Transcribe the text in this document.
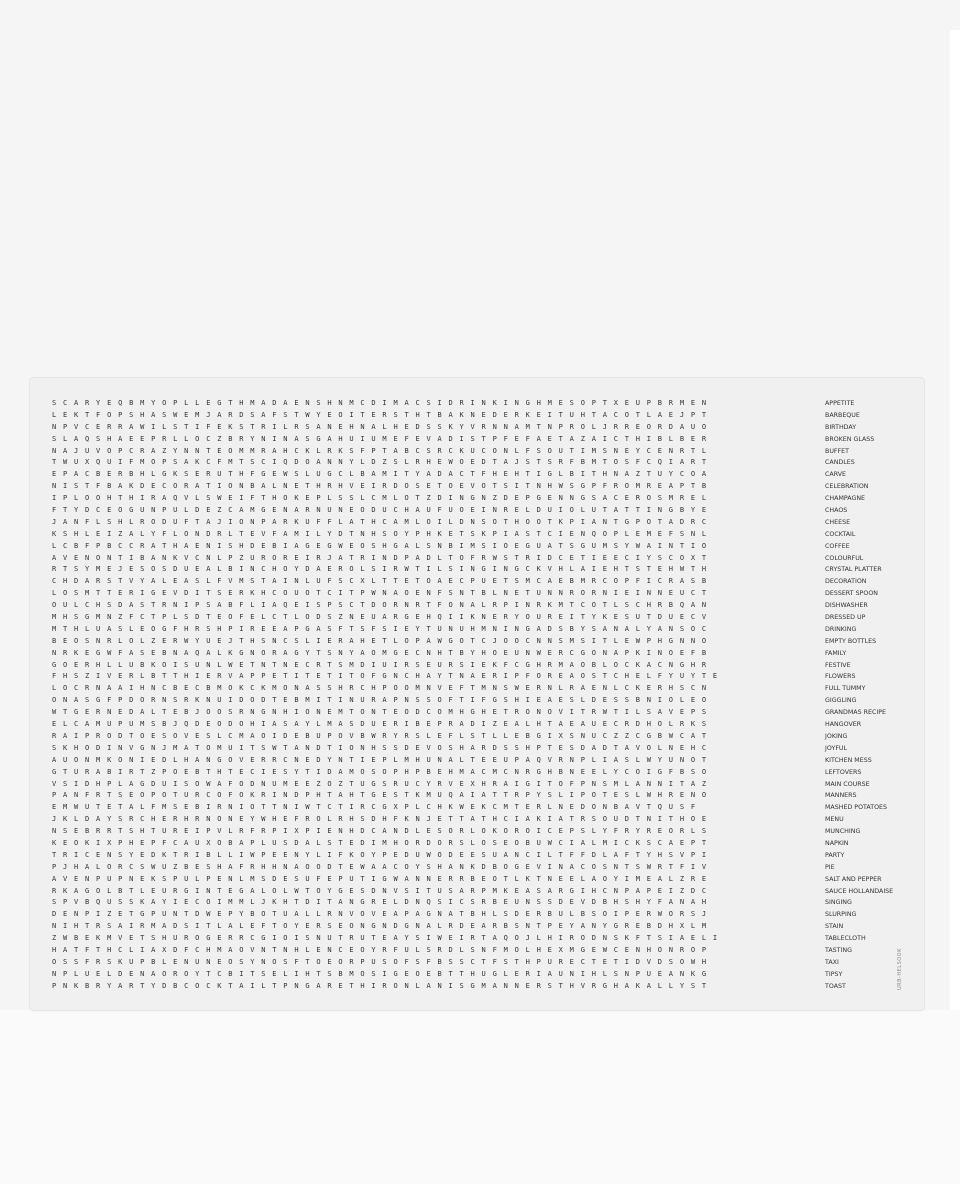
SCARYEQBMYOPLLEGTHMADAENSHNMCDIMACSIDRINKINGHMESOPTXEUPBRMEN
LEKTFOPSHASWEMJARDSAFSTWYEOITERSTHTBAKNEDERKEITUHTACOTLAEJPT
NPVCERRAWILSTIFEKSTRILRSANEHNALHEDSSKYVRNNAMTNPROLJRREORDAUO
SLAQSHAEEPRLLOCZBRYNINASGAHUIUMEFEVADISTPFEFAETAZAICTHIBLBER
NAJUVOPCRAZYNNTEOMMRAHCKLRKSFPTABCSRCKUCONLFSOUTIMSNEYCENRTL
TWUXQUIFMOPSAKCFMTSCIQDOANNYLDZSLRHEWOEDTAJSTSRFBMTOSFCQIART
EPACBERBHLGKSERUTHFGEWSLUGCLBAMITYADACTFHEHTIGLBITHNAZTUYCOA
NISTFBAKDECORATIONBALNETHRHVEIRDOSETOEVOTSITNHWSGPFROMREAPTB
IPLOOHTHIRAQVLSWEIFTHOKEPLSSLCMLOTZDINGNZDEPGENNGSACEROSMREL
FTYDCEOGUNPULDEZCAMGENARNUNEODUCHAUFUOEINRELDUIOLUTATTINGBYE
JANFLSHLRODUFTAJIONPARKUFFLATHCAMLOILDNSOTHOOTKPIANTGPOTADRC
KSHLEIZALYFLONDRLTEVFAMILYDTNHSOYPHKETSKPIASTCIENQOPLEMEFSNL
LCBFPBCCRATHAENISHDEBIAGEGWEOSHGALSNBIMSIOEGUATSGUMSYWAINTIO
AVENONTIBANKVCNLPZUROREIRJATRINDPADLTOFRWSTRIDCETIEECIYSCOXT
RTSYMEJESOSDUEALBINCHOYDAEROLSIRWTILSINGINGCKVHLAIEHTSTEHWTH
CHDARSTVYALEASLFVMSTAINLUFSCXLTTETOAECPUETSMCAEBMRCOPFICRASB
LOSMTTERIGEVDITSERKHCOUOTCITPWNAOENFSNTBLNETUNNRORNIEINNEUCT
OULCHSDASTRNIPSABFLIAQEISPSCTDORNRTFONALRPINRKMTCOTLSCHRBQAN
MHSGMNZFCTPLSDTEOFELCTLODSZNEUARGEHQIIKNERYOUREITYKESUTDUECV
MTHLUASLEOGFHRSHPIREEAPGASFTSFSIEYTUNUHMNINGADSBYSANALYANSOC
BEOSNRLOLZERWYUEJTHSNCSLIERAHETLOPAWGOTCJOOCNNSMSITLEWPHGNNO
NRKEGWFASEBNAQALKGNORAGYTSNYAOMGECNHTBYHOEUNWERCGONAPKINOEFB
GOERHLLUBKOISUNLWETNTNECRTSMDIUIRSEURSIEKFCGHRMAOBLOCKACNGHR
FHSZIVERLBTTHIERVAPPETITETITOFGNCHAYTNAERIPFOREAOSTCHELFYUYTE
LOCRNAAIHNCBECBMOKCKMONASSHRCHPOOMNVEFTMNSWERNLRAENLCKERHSCN
ONASGFPDORNSRKNUIDODTEBMITINURAPNSSOFTIFGSHIEAESLDESSBNIOLEO
WTGERNEDALTEBJOOSRNGNHIONEMTONTEODCOMHGHETRONOVITRWTILSAVEPS
ELCAMUPUMSBJQDEODOHIASAYLMASDUERIBEPRADIZEALHTAEAUECRDHOLRKS
RAIPRODTOESOVESLCMAOIDEBUPOVBWRYRSLEFLSTLLEBGIXSNUCZZCGBWCAT
SKHODINVGNJMATOMUITSWTANDTIONHSSDEVOSHARDSSHPTESDADTAVOLNEHC
AUONMKONIEDLHANGOVERRCNEDYNTIEPLMHUNALTEEUPAQVRNPLIASLWYUNOT
GTURABIRTZPOEBTHTECIESYTIDAMOSOPHPBEHMACMCNRGHBNEELYCOIGFBSO
VSIDHPLAGDUISOWAFODNUMEEZOZTUGSRUCYRVEXHRAIGITOFPNSMLANNITAZ
PANFRTSEOPOTURCOFOKRINDPHTAHTGESTKMUQAIATTRPYSLIPOTESLWHRENO
EMWUTETALFMSEBIRNIOTTNIWTCTIRCGXPLCHKWEKCMTERLNEDONBAVTQUSF
JKLDAYSRCHERHRNONEYWHEFROLRHSDHFKNJETTATHCIAKIATRSOUDTNITHOE
NSEBRRTSHTUREIPVLRFRPIXPIENHDCANDLESORLOKOROICEPSLYFRYREORLS
KEOKIXPHEPFCAUXOBAPLUSDALSTEDIMHORDORSLOSEOBUWCIALMICKSCAEPT
TRICENSYEDKTRIBLLIWPEENYLIFKOYPEDUWODEESUANCILTFFDLAFTYHSVPI
PJHALORCSWUZBESHAFRHHNAOODTEWAACOYSHANKDBOGEVINACOSNTSWRTFIV
AVENPUPNEKSPULPENLMSDESUFEPUTIGWANNERRBEOTLKTNEELAOYIMEALZRE
RKAGOLBTLEURGINTEGALOLWTOYGESDNVSITUSARPMKEASARGIHCNPAPEIZDC
SPVBQUSSKAYIECOIMMLJKHTDITANGRELDNQSICSRBEUNSSDEVDBHSHYFANAH
DENPIZETGPUNTDWEPYBOTUALLRNVOVEAPAGNATBHLSDERBULBSOIPERWORSJ
NIHTRSAIRMADSITLALEFTOYERSEONGNDGNALRDEARBSNTPEYANYGREBDHXLM
ZWBEKMVETSHUROGERRCGIOISNUTRUTEAYSIWEIRTAQOJLHIRODNSKFTSIAELI
HATFTHCLIAXDFCHMAOVNTNHLENCEOYRFULSRDLSNFMOLHEXMGEWCENHONROP
OSSFRSKUPBLENUNEOSYNOSFTOEORPUSOFSFBSSCTFSTHPURECTETIDVDSOWH
NPLUELDENAOROYTCBITSELIHTSBMOSIGEOEBTTHUGLERIAUNIHLSNPUEANKG
PNKBRYARTYDBCOCKTAILTPNGARETHIRONLANISGMANNERSTHVRGHAKALLYST
APPETITE
BARBEQUE
BIRTHDAY
BROKEN GLASS
BUFFET
CANDLES
CARVE
CELEBRATION
CHAMPAGNE
CHAOS
CHEESE
COCKTAIL
COFFEE
COLOURFUL
CRYSTAL PLATTER
DECORATION
DESSERT SPOON
DISHWASHER
DRESSED UP
DRINKING
EMPTY BOTTLES
FAMILY
FESTIVE
FLOWERS
FULL TUMMY
GIGGLING
GRANDMAS RECIPE
HANGOVER
JOKING
JOYFUL
KITCHEN MESS
LEFTOVERS
MAIN COURSE
MANNERS
MASHED POTATOES
MENU
MUNCHING
NAPKIN
PARTY
PIE
SALT AND PEPPER
SAUCE HOLLANDAISE
SINGING
SLURPING
STAIN
TABLECLOTH
TASTING
TAXI
TIPSY
TOAST	URB-HELSOOK
